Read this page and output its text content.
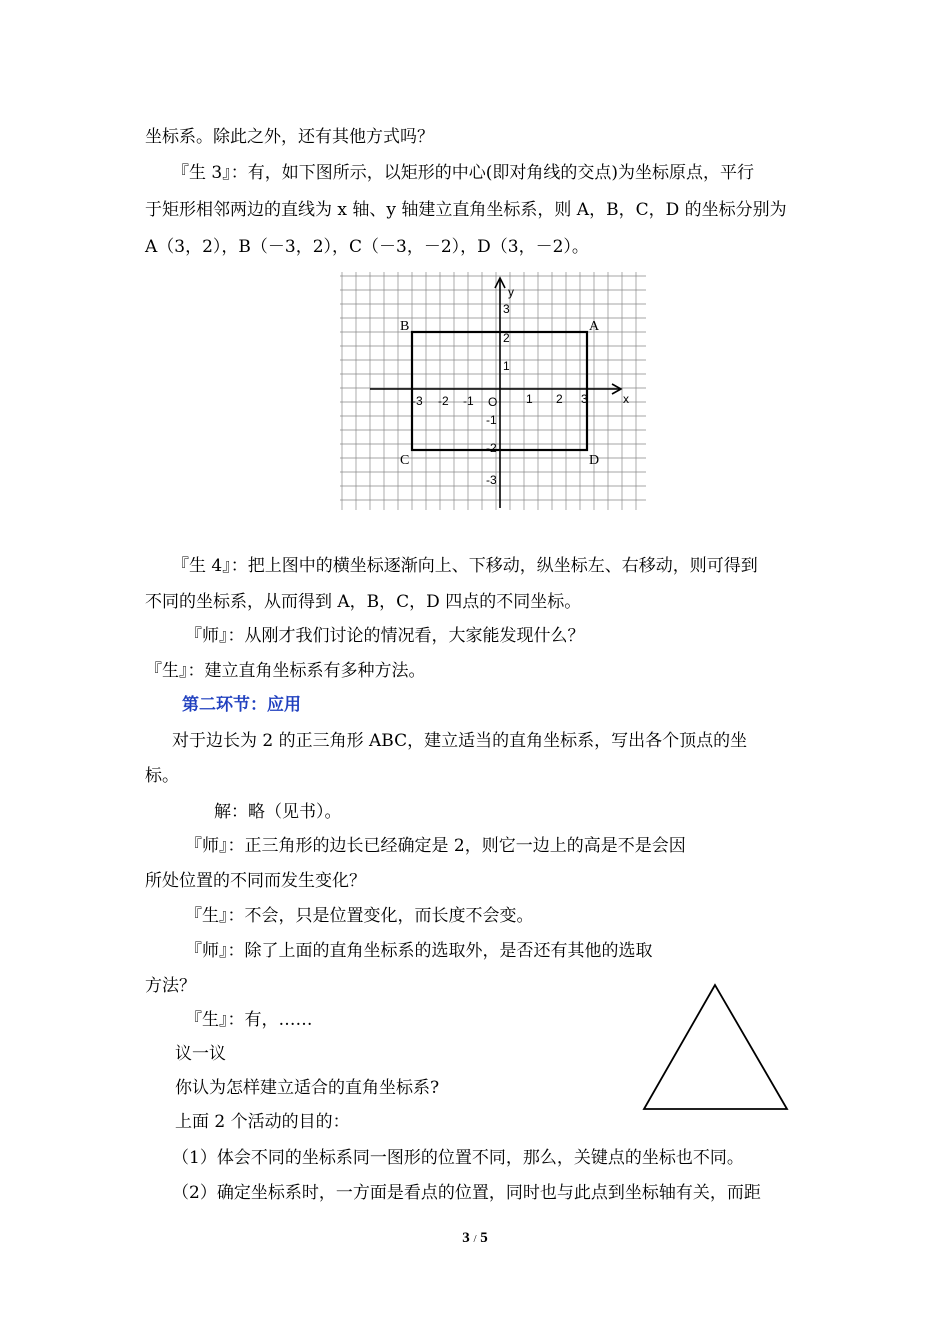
坐标系。除此之外，还有其他方式吗？
『生 3』：有，如下图所示，以矩形的中心(即对角线的交点)为坐标原点，平行
于矩形相邻两边的直线为 x 轴、y 轴建立直角坐标系，则 A，B，C，D 的坐标分别为
A（3，2），B（－3，2），C（－3，－2），D（3，－2）。
x
y
O
-3 -2 -1	1 2 3
3
2
1
-1
-2
-3
B	A
C	D
『生 4』：把上图中的横坐标逐渐向上、下移动，纵坐标左、右移动，则可得到
不同的坐标系，从而得到 A，B，C，D 四点的不同坐标。
『师』：从刚才我们讨论的情况看，大家能发现什么？
『生』：建立直角坐标系有多种方法。
第二环节：应用
对于边长为 2 的正三角形 ABC，建立适当的直角坐标系，写出各个顶点的坐
标。
解：略（见书）。
『师』：正三角形的边长已经确定是 2，则它一边上的高是不是会因
所处位置的不同而发生变化？
『生』：不会，只是位置变化，而长度不会变。
『师』：除了上面的直角坐标系的选取外，是否还有其他的选取
方法？
『生』：有，……
议一议
你认为怎样建立适合的直角坐标系?
上面 2 个活动的目的：
（1）体会不同的坐标系同一图形的位置不同，那么，关键点的坐标也不同。
（2）确定坐标系时，一方面是看点的位置，同时也与此点到坐标轴有关，而距
3 / 5
